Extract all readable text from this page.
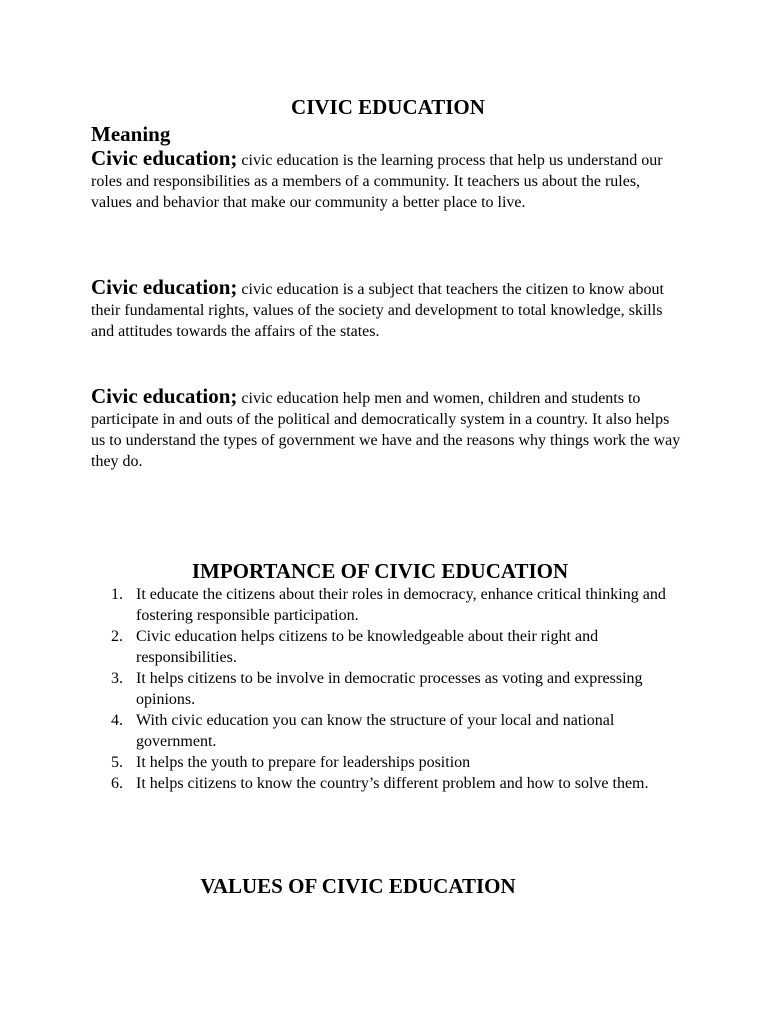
CIVIC EDUCATION
Meaning

Civic education; civic education is the learning process that help us understand our roles and responsibilities as a members of a community. It teachers us about the rules, values and behavior that make our community a better place to live.

Civic education; civic education is a subject that teachers the citizen to know about their fundamental rights, values of the society and development to total knowledge, skills and attitudes towards the affairs of the states.

Civic education; civic education help men and women, children and students to participate in and outs of the political and democratically system in a country. It also helps us to understand the types of government we have and the reasons why things work the way they do.

IMPORTANCE OF CIVIC EDUCATION
1. It educate the citizens about their roles in democracy, enhance critical thinking and fostering responsible participation.
2. Civic education helps citizens to be knowledgeable about their right and responsibilities.
3. It helps citizens to be involve in democratic processes as voting and expressing opinions.
4. With civic education you can know the structure of your local and national government.
5. It helps the youth to prepare for leaderships position
6. It helps citizens to know the country’s different problem and how to solve them.
VALUES OF CIVIC EDUCATION
